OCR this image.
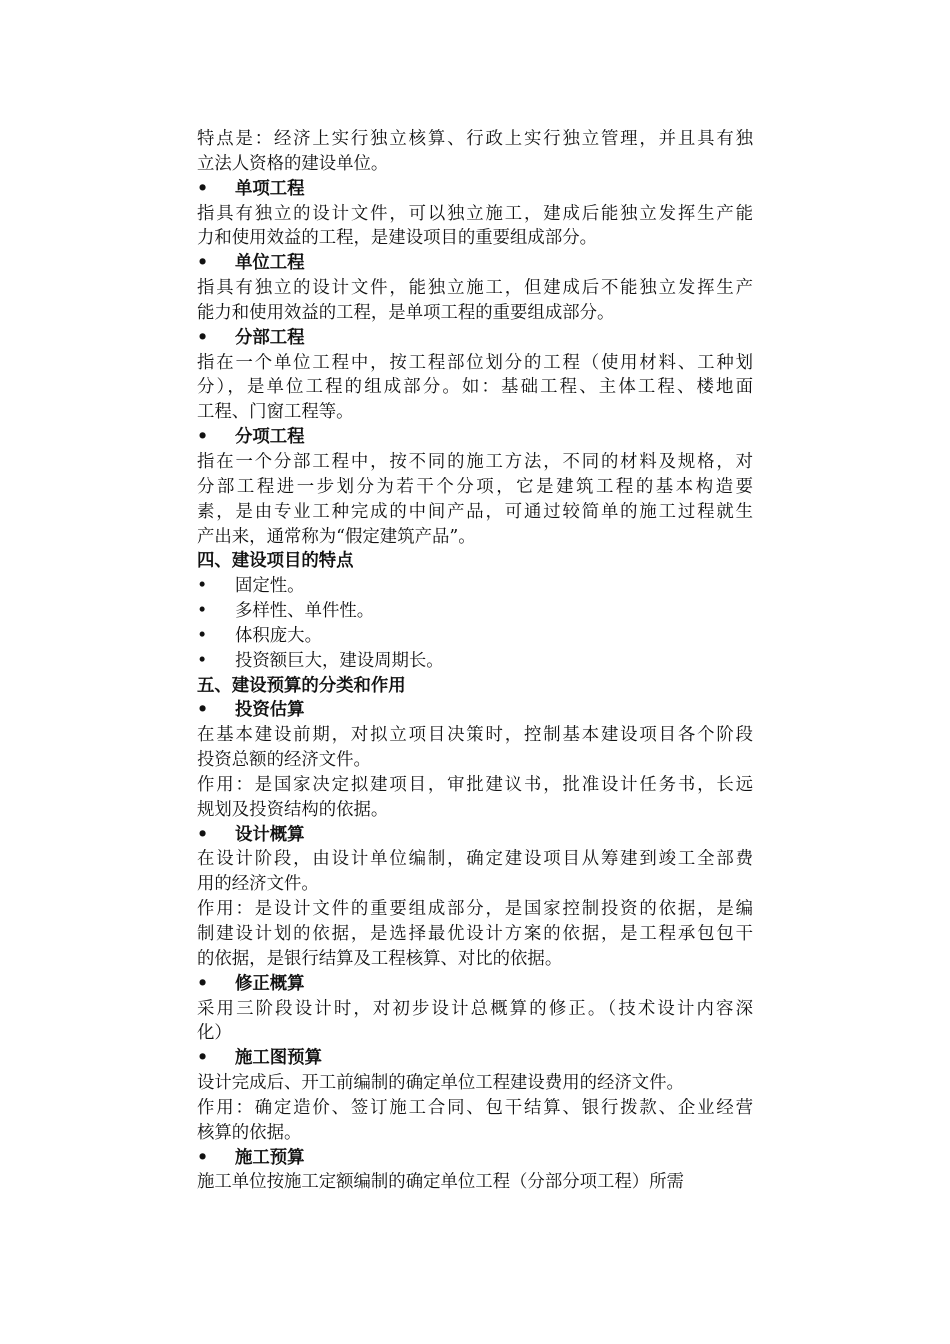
特点是：经济上实行独立核算、行政上实行独立管理，并且具有独
立法人资格的建设单位。
• 单项工程
指具有独立的设计文件，可以独立施工，建成后能独立发挥生产能
力和使用效益的工程，是建设项目的重要组成部分。
• 单位工程
指具有独立的设计文件，能独立施工，但建成后不能独立发挥生产
能力和使用效益的工程，是单项工程的重要组成部分。
• 分部工程
指在一个单位工程中，按工程部位划分的工程（使用材料、工种划
分），是单位工程的组成部分。如：基础工程、主体工程、楼地面
工程、门窗工程等。
• 分项工程
指在一个分部工程中，按不同的施工方法，不同的材料及规格，对
分部工程进一步划分为若干个分项，它是建筑工程的基本构造要
素，是由专业工种完成的中间产品，可通过较简单的施工过程就生
产出来，通常称为“假定建筑产品”。
四、建设项目的特点
• 固定性。
• 多样性、单件性。
• 体积庞大。
• 投资额巨大，建设周期长。
五、建设预算的分类和作用
• 投资估算
在基本建设前期，对拟立项目决策时，控制基本建设项目各个阶段
投资总额的经济文件。
作用：是国家决定拟建项目，审批建议书，批准设计任务书，长远
规划及投资结构的依据。
• 设计概算
在设计阶段，由设计单位编制，确定建设项目从筹建到竣工全部费
用的经济文件。
作用：是设计文件的重要组成部分，是国家控制投资的依据，是编
制建设计划的依据，是选择最优设计方案的依据，是工程承包包干
的依据，是银行结算及工程核算、对比的依据。
• 修正概算
采用三阶段设计时，对初步设计总概算的修正。（技术设计内容深
化）
• 施工图预算
设计完成后、开工前编制的确定单位工程建设费用的经济文件。
作用：确定造价、签订施工合同、包干结算、银行拨款、企业经营
核算的依据。
• 施工预算
施工单位按施工定额编制的确定单位工程（分部分项工程）所需
